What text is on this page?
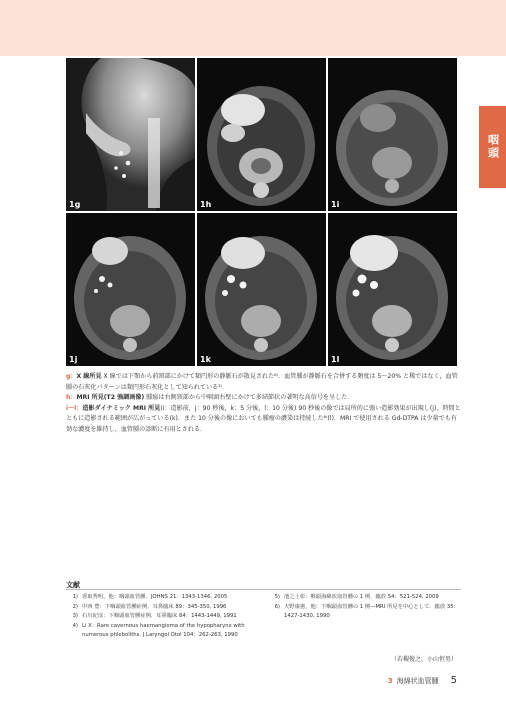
咽頭
1g	1h	1i
1j	1k	1l

g：X 線所見 X 線では下顎から前頸部にかけて類円形の静脈石が散見された⁶⁾．血管腫が静脈石を合併する頻度は 5〜20% と稀ではなく，血管腫の石灰化パターンは類円形石灰化として知られている²⁾．

h：MRI 所見(T2 強調画像) 腫瘍は右側頸部から中咽頭右壁にかけて多結節状の著明な高信号を呈した．

i〜l：造影ダイナミック MRI 所見(i：造影前，j：90 秒後，k：5 分後，l：10 分後) 90 秒後の像では局所的に強い造影効果が出現し(j)，時間とともに造影される範囲が広がっている(k)．また 10 分後の像においても腫瘤の濃染は持続した⁶⁾(l)．MRI で使用される Gd-DTPA は少量でも有効な濃度を維持し，血管腫の診断に有用とされる．

文献
1) 香取秀明，他：咽頭血管腫．JOHNS 21：1343-1346, 2005
2) 中西 豊：下咽頭血管腫症例．耳鼻臨床 89：345-350, 1996
3) 石川紀彦：下咽頭血管腫症例．耳鼻臨床 84：1443-1449, 1991
4) Li X：Rare cavernous haemangioma of the hypopharynx with numerous phleboliths. J Laryngol Otol 104：262-263, 1990
5) 池之上彰：喉頭海綿状血管腫の 1 例．臨放 54：521-524, 2009
6) 天野康憲，他：下咽頭血管腫の 1 例—MRI 所見を中心として．臨放 35：1427-1430, 1990
（若槻俊之，小山恒男）
3 海綿状血管腫 5
